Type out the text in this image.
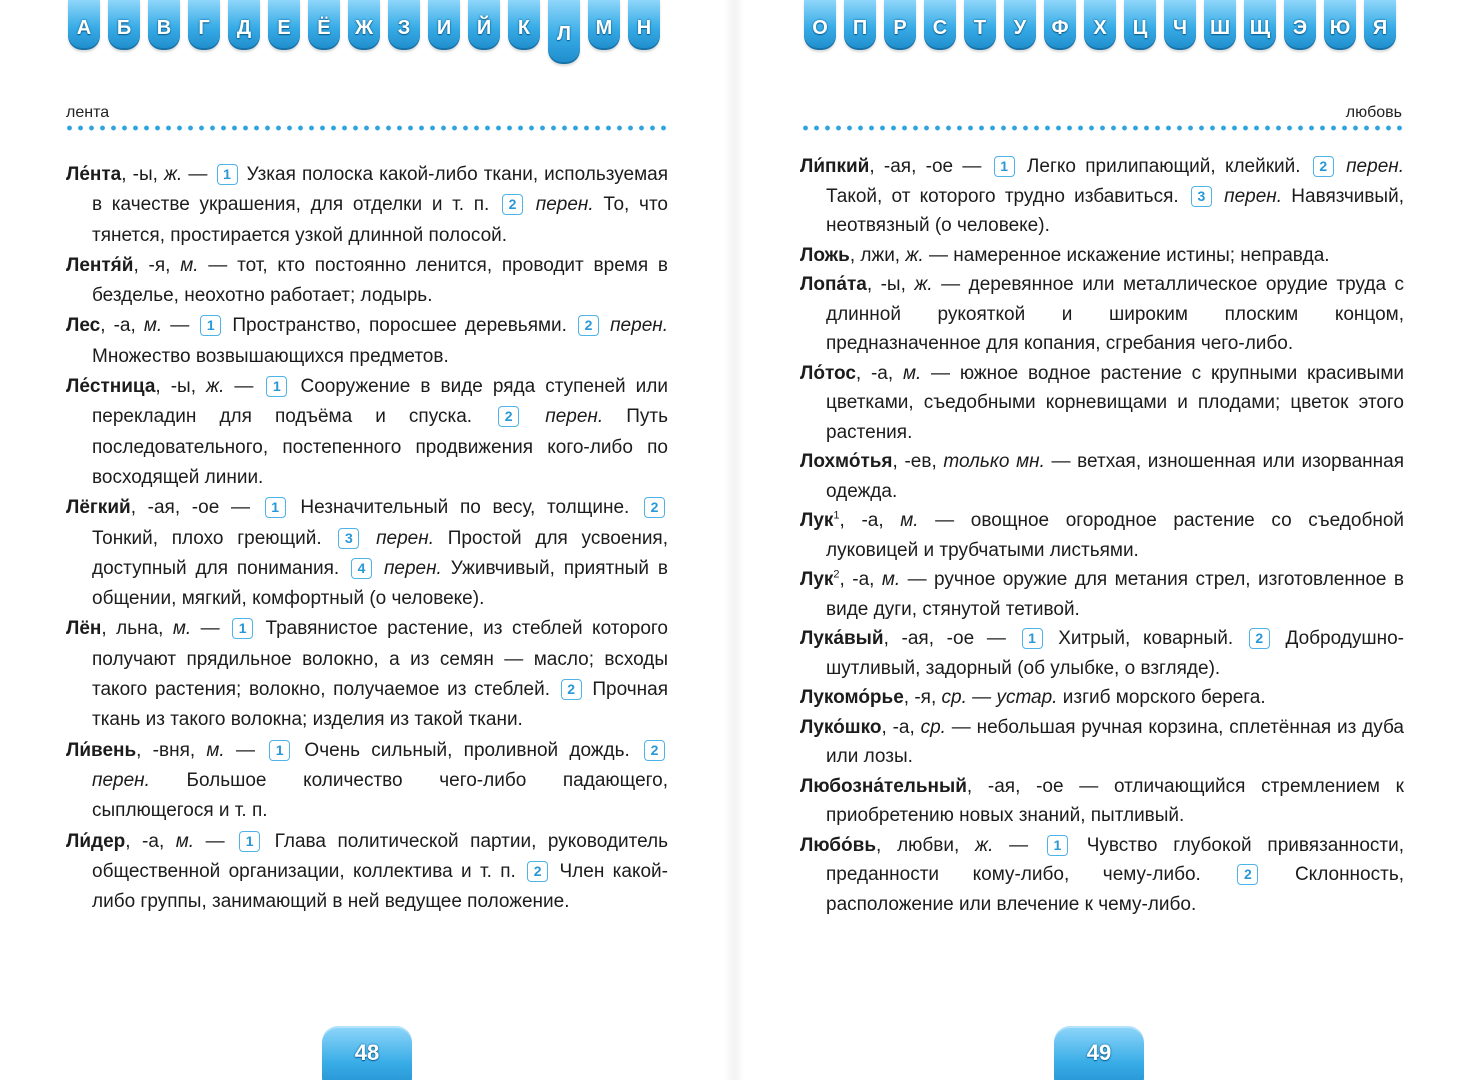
А	Б	В	Г	Д	Е	Ё	Ж	З	И	Й	К	Л	М	Н
лента

Ле́нта, -ы, ж. — 1 Узкая полоска какой-либо ткани, используемая в качестве украшения, для отделки и т. п. 2 перен. То, что тянется, простирается узкой длинной полосой.

Лентя́й, -я, м. — тот, кто постоянно ленится, проводит время в безделье, неохотно работает; лодырь.

Лес, -а, м. — 1 Пространство, поросшее деревьями. 2 перен. Множество возвышающихся предметов.

Ле́стница, -ы, ж. — 1 Сооружение в виде ряда ступеней или перекладин для подъёма и спуска. 2 перен. Путь последовательного, постепенного продвижения кого-либо по восходящей линии.

Лёгкий, -ая, -ое — 1 Незначительный по весу, толщине. 2 Тонкий, плохо греющий. 3 перен. Простой для усвоения, доступный для понимания. 4 перен. Уживчивый, приятный в общении, мягкий, комфортный (о человеке).

Лён, льна, м. — 1 Травянистое растение, из стеблей которого получают прядильное волокно, а из семян — масло; всходы такого растения; волокно, получаемое из стеблей. 2 Прочная ткань из такого волокна; изделия из такой ткани.

Ли́вень, -вня, м. — 1 Очень сильный, проливной дождь. 2 перен. Большое количество чего-либо падающего, сыплющегося и т. п.

Ли́дер, -а, м. — 1 Глава политической партии, руководитель общественной организации, коллектива и т. п. 2 Член какой-либо группы, занимающий в ней ведущее положение.

48
О	П	Р	С	Т	У	Ф	Х	Ц	Ч	Ш Щ	Э	Ю	Я
любовь

Ли́пкий, -ая, -ое — 1 Легко прилипающий, клейкий. 2 перен. Такой, от которого трудно избавиться. 3 перен. Навязчивый, неотвязный (о человеке).

Ложь, лжи, ж. — намеренное искажение истины; неправда.

Лопа́та, -ы, ж. — деревянное или металлическое орудие труда с длинной рукояткой и широким плоским концом, предназначенное для копания, сгребания чего-либо.

Ло́тос, -а, м. — южное водное растение с крупными красивыми цветками, съедобными корневищами и плодами; цветок этого растения.

Лохмо́тья, -ев, только мн. — ветхая, изношенная или изорванная одежда.

Лук$^1$, -а, м. — овощное огородное растение со съедобной луковицей и трубчатыми листьями.

Лук$^2$, -а, м. — ручное оружие для метания стрел, изготовленное в виде дуги, стянутой тетивой.

Лука́вый, -ая, -ое — 1 Хитрый, коварный. 2 Добродушно-шутливый, задорный (об улыбке, о взгляде).

Лукомо́рье, -я, ср. — устар. изгиб морского берега.

Луко́шко, -а, ср. — небольшая ручная корзина, сплетённая из дуба или лозы.

Любозна́тельный, -ая, -ое — отличающийся стремлением к приобретению новых знаний, пытливый.

Любо́вь, любви, ж. — 1 Чувство глубокой привязанности, преданности кому-либо, чему-либо. 2 Склонность, расположение или влечение к чему-либо.

49
